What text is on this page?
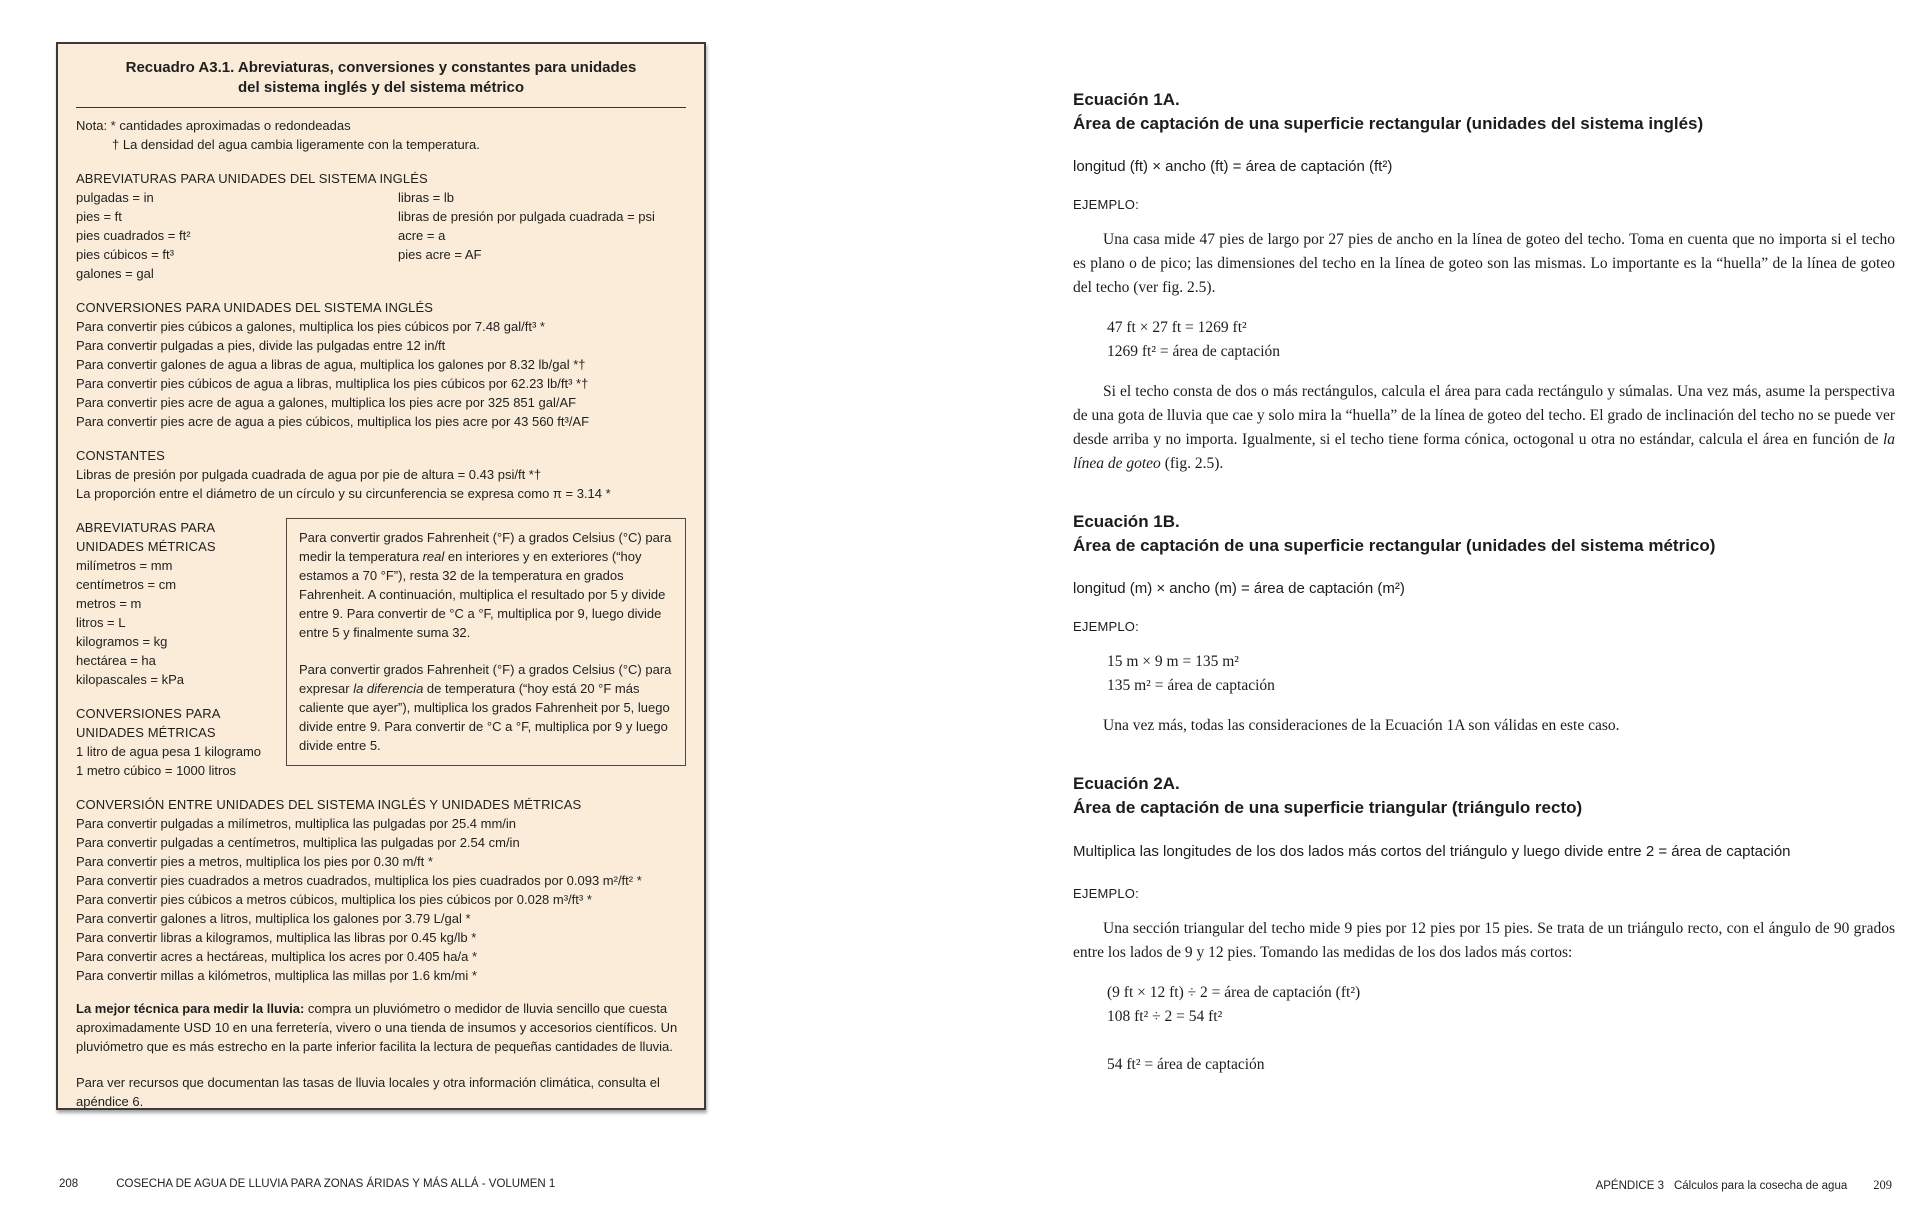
Recuadro A3.1. Abreviaturas, conversiones y constantes para unidades
del sistema inglés y del sistema métrico
Nota: * cantidades aproximadas o redondeadas
† La densidad del agua cambia ligeramente con la temperatura.
ABREVIATURAS PARA UNIDADES DEL SISTEMA INGLÉS
pulgadas = in
pies = ft
pies cuadrados = ft²
pies cúbicos = ft³
galones = gal
libras = lb
libras de presión por pulgada cuadrada = psi
acre = a
pies acre = AF
CONVERSIONES PARA UNIDADES DEL SISTEMA INGLÉS
Para convertir pies cúbicos a galones, multiplica los pies cúbicos por 7.48 gal/ft³ *
Para convertir pulgadas a pies, divide las pulgadas entre 12 in/ft
Para convertir galones de agua a libras de agua, multiplica los galones por 8.32 lb/gal *†
Para convertir pies cúbicos de agua a libras, multiplica los pies cúbicos por 62.23 lb/ft³ *†
Para convertir pies acre de agua a galones, multiplica los pies acre por 325 851 gal/AF
Para convertir pies acre de agua a pies cúbicos, multiplica los pies acre por 43 560 ft³/AF
CONSTANTES
Libras de presión por pulgada cuadrada de agua por pie de altura = 0.43 psi/ft *†
La proporción entre el diámetro de un círculo y su circunferencia se expresa como π = 3.14 *
ABREVIATURAS PARA UNIDADES MÉTRICAS
milímetros = mm
centímetros = cm
metros = m
litros = L
kilogramos = kg
hectárea = ha
kilopascales = kPa
CONVERSIONES PARA UNIDADES MÉTRICAS
1 litro de agua pesa 1 kilogramo
1 metro cúbico = 1000 litros

Para convertir grados Fahrenheit (°F) a grados Celsius (°C) para medir la temperatura real en interiores y en exteriores (“hoy estamos a 70 °F”), resta 32 de la temperatura en grados Fahrenheit. A continuación, multiplica el resultado por 5 y divide entre 9. Para convertir de °C a °F, multiplica por 9, luego divide entre 5 y finalmente suma 32.

Para convertir grados Fahrenheit (°F) a grados Celsius (°C) para expresar la diferencia de temperatura (“hoy está 20 °F más caliente que ayer”), multiplica los grados Fahrenheit por 5, luego divide entre 9. Para convertir de °C a °F, multiplica por 9 y luego divide entre 5.

CONVERSIÓN ENTRE UNIDADES DEL SISTEMA INGLÉS Y UNIDADES MÉTRICAS
Para convertir pulgadas a milímetros, multiplica las pulgadas por 25.4 mm/in
Para convertir pulgadas a centímetros, multiplica las pulgadas por 2.54 cm/in
Para convertir pies a metros, multiplica los pies por 0.30 m/ft *
Para convertir pies cuadrados a metros cuadrados, multiplica los pies cuadrados por 0.093 m²/ft² *
Para convertir pies cúbicos a metros cúbicos, multiplica los pies cúbicos por 0.028 m³/ft³ *
Para convertir galones a litros, multiplica los galones por 3.79 L/gal *
Para convertir libras a kilogramos, multiplica las libras por 0.45 kg/lb *
Para convertir acres a hectáreas, multiplica los acres por 0.405 ha/a *
Para convertir millas a kilómetros, multiplica las millas por 1.6 km/mi *

La mejor técnica para medir la lluvia: compra un pluviómetro o medidor de lluvia sencillo que cuesta aproximadamente USD 10 en una ferretería, vivero o una tienda de insumos y accesorios científicos. Un pluviómetro que es más estrecho en la parte inferior facilita la lectura de pequeñas cantidades de lluvia.

Para ver recursos que documentan las tasas de lluvia locales y otra información climática, consulta el apéndice 6.

208	COSECHA DE AGUA DE LLUVIA PARA ZONAS ÁRIDAS Y MÁS ALLÁ - VOLUMEN 1
Ecuación 1A.
Área de captación de una superficie rectangular (unidades del sistema inglés)
longitud (ft) × ancho (ft) = área de captación (ft²)
EJEMPLO:

Una casa mide 47 pies de largo por 27 pies de ancho en la línea de goteo del techo. Toma en cuenta que no importa si el techo es plano o de pico; las dimensiones del techo en la línea de goteo son las mismas. Lo importante es la “huella” de la línea de goteo del techo (ver fig. 2.5).

47 ft × 27 ft = 1269 ft²
1269 ft² = área de captación

Si el techo consta de dos o más rectángulos, calcula el área para cada rectángulo y súmalas. Una vez más, asume la perspectiva de una gota de lluvia que cae y solo mira la “huella” de la línea de goteo del techo. El grado de inclinación del techo no se puede ver desde arriba y no importa. Igualmente, si el techo tiene forma cónica, octogonal u otra no estándar, calcula el área en función de la línea de goteo (fig. 2.5).

Ecuación 1B.
Área de captación de una superficie rectangular (unidades del sistema métrico)
longitud (m) × ancho (m) = área de captación (m²)
EJEMPLO:
15 m × 9 m = 135 m²
135 m² = área de captación

Una vez más, todas las consideraciones de la Ecuación 1A son válidas en este caso.

Ecuación 2A.
Área de captación de una superficie triangular (triángulo recto)
Multiplica las longitudes de los dos lados más cortos del triángulo y luego divide entre 2 = área de captación
EJEMPLO:

Una sección triangular del techo mide 9 pies por 12 pies por 15 pies. Se trata de un triángulo recto, con el ángulo de 90 grados entre los lados de 9 y 12 pies. Tomando las medidas de los dos lados más cortos:

(9 ft × 12 ft) ÷ 2 = área de captación (ft²)
108 ft² ÷ 2 = 54 ft²
54 ft² = área de captación
APÉNDICE 3 Cálculos para la cosecha de agua 209
